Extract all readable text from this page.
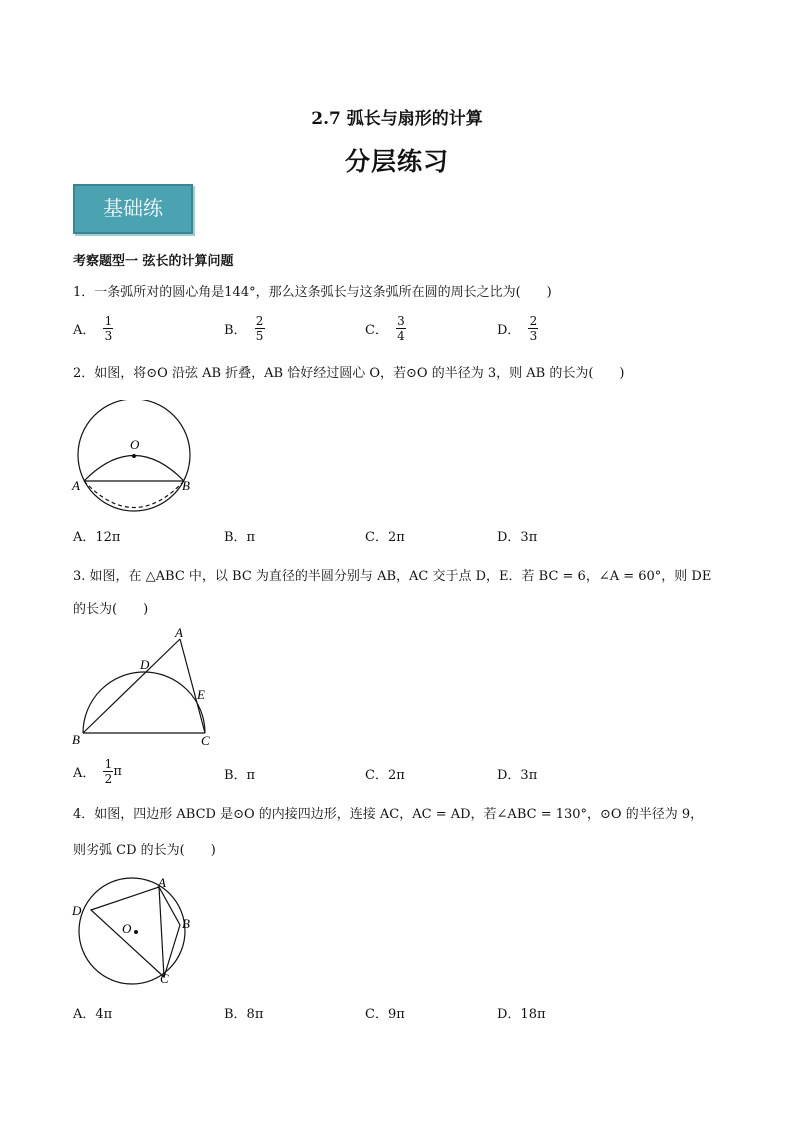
2.7 弧长与扇形的计算
分层练习
基础练
考察题型一 弦长的计算问题
1．一条弧所对的圆心角是144°，那么这条弧长与这条弧所在圆的周长之比为(　　)
A． $\frac{1}{3}$	B． $\frac{2}{5}$	C． $\frac{3}{4}$	D． $\frac{2}{3}$
2．如图，将⊙O 沿弦 AB 折叠，AB 恰好经过圆心 O，若⊙O 的半径为 3，则 AB 的长为(　　)
O
A	B
A．12π	B．π	C．2π	D．3π
3. 如图，在 △ABC 中，以 BC 为直径的半圆分别与 AB，AC 交于点 D，E．若 BC = 6，∠A = 60°，则 DE
的长为(　　)
A
B	C
D
E
A． $\frac{1}{2}$ π	B．π	C．2π	D．3π
4．如图，四边形 ABCD 是⊙O 的内接四边形，连接 AC，AC = AD，若∠ABC = 130°，⊙O 的半径为 9，
则劣弧 CD 的长为(　　)
A
B
C
D
O
A．4π	B．8π	C．9π	D．18π
